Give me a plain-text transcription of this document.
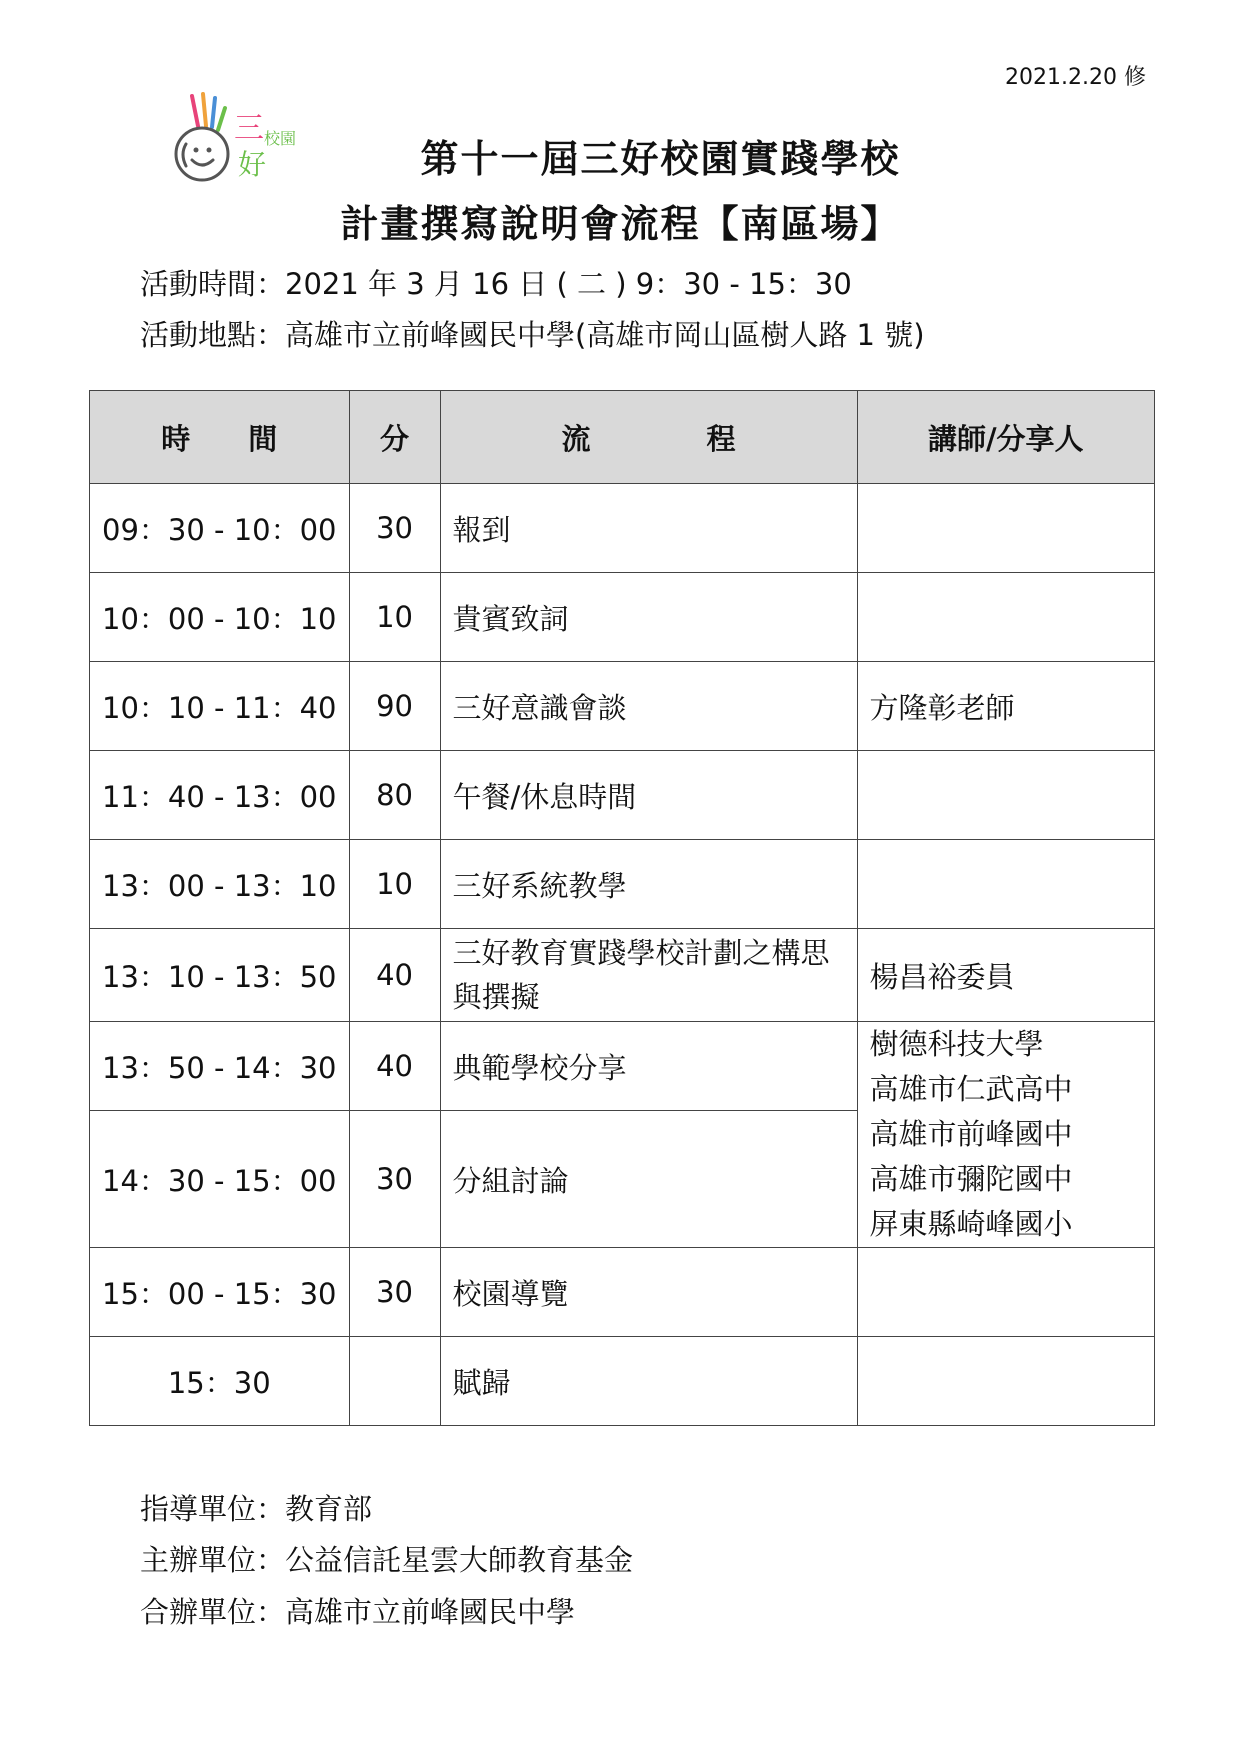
2021.2.20 修
三 校園
好	第十一屆三好校園實踐學校
計畫撰寫說明會流程【南區場】
活動時間：2021 年 3 月 16 日 ( 二 ) 9：30 - 15：30
活動地點：高雄市立前峰國民中學(高雄市岡山區樹人路 1 號)
時　　間	分	流　　　　程	講師/分享人
09：30 - 10：00	30	報到	
10：00 - 10：10	10	貴賓致詞	
10：10 - 11：40	90	三好意識會談	方隆彰老師
11：40 - 13：00	80	午餐/休息時間	
13：00 - 13：10	10	三好系統教學	
13：10 - 13：50	40	三好教育實踐學校計劃之構思與撰擬	楊昌裕委員
13：50 - 14：30	40	典範學校分享	樹德科技大學
高雄市仁武高中
高雄市前峰國中
高雄市彌陀國中
屏東縣崎峰國小

14：30 - 15：00	30	分組討論	
15：00 - 15：30	30	校園導覽	
15：30		賦歸	
指導單位：教育部
主辦單位：公益信託星雲大師教育基金
合辦單位：高雄市立前峰國民中學
